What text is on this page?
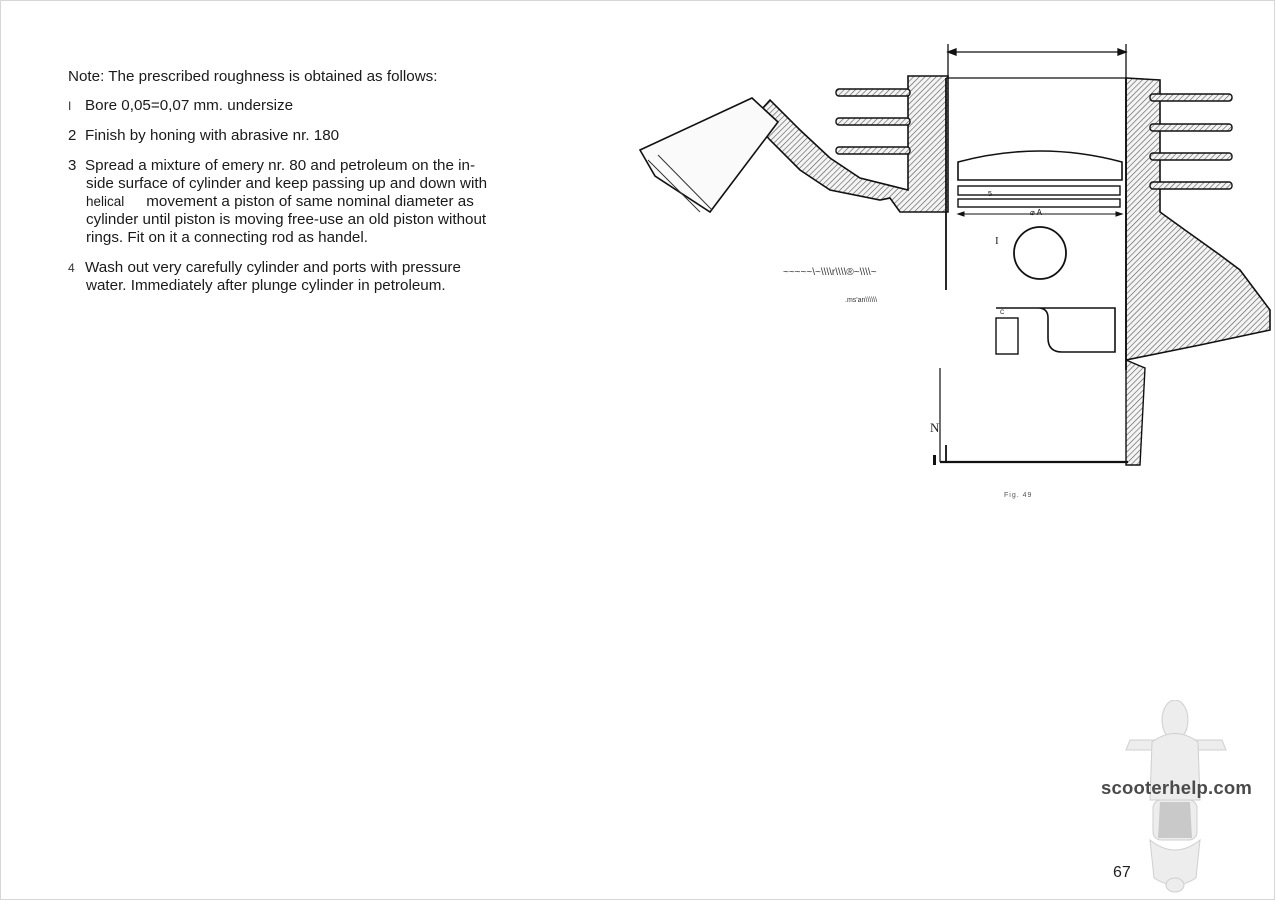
Note: The prescribed roughness is obtained as follows:
I Bore 0,05=0,07 mm. undersize
2 Finish by honing with abrasive nr. 180
3 Spread a mixture of emery nr. 80 and petroleum on the in-
side surface of cylinder and keep passing up and down with
helical movement a piston of same nominal diameter as
cylinder until piston is moving free-use an old piston without
rings. Fit on it a connecting rod as handel.
4 Wash out very carefully cylinder and ports with pressure
water. Immediately after plunge cylinder in petroleum.
5
⌀ A
I
C
N
~~~~~\~\\\\r\\\\®~\\\\~
.ms'an\\\\\\
Fig. 49
scooterhelp.com
67
